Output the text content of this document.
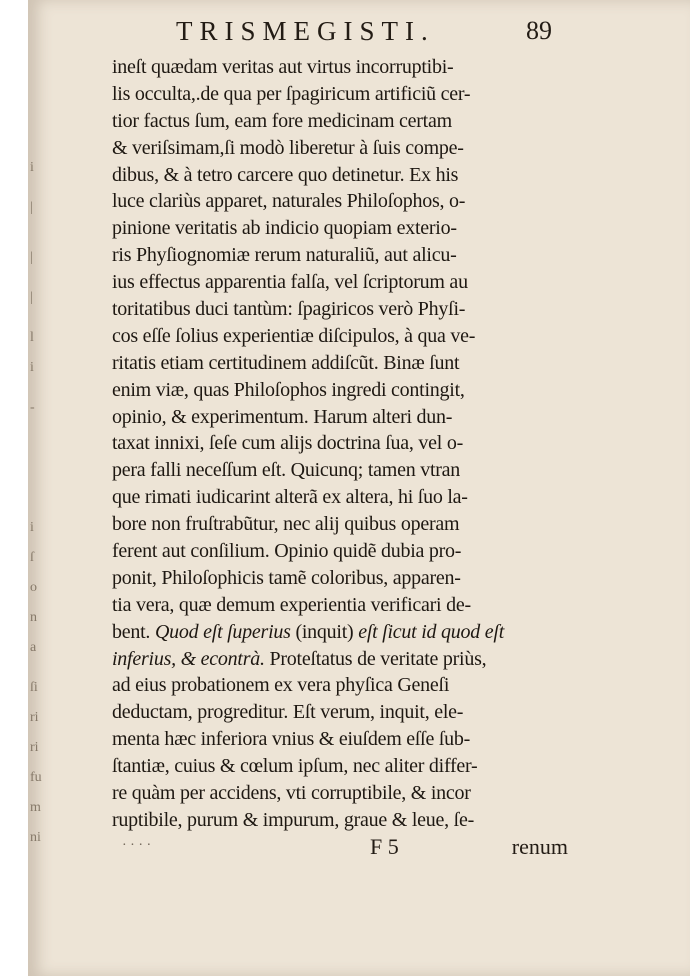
i
|
|
|
l
i
-
i
ſ
o
n
a
ſi
ri
ri
fu
m
ni
TRISMEGISTI.	89
ineſt quædam veritas aut virtus incorruptibi-
lis occulta,.de qua per ſpagiricum artificiũ cer-
tior factus ſum, eam fore medicinam certam
& veriſsimam,ſi modò liberetur à ſuis compe-
dibus, & à tetro carcere quo detinetur. Ex his
luce clariùs apparet, naturales Philoſophos, o-
pinione veritatis ab indicio quopiam exterio-
ris Phyſiognomiæ rerum naturaliũ, aut alicu-
ius effectus apparentia falſa, vel ſcriptorum au
toritatibus duci tantùm: ſpagiricos verò Phyſi-
cos eſſe ſolius experientiæ diſcipulos, à qua ve-
ritatis etiam certitudinem addiſcũt. Binæ ſunt
enim viæ, quas Philoſophos ingredi contingit,
opinio, & experimentum. Harum alteri dun-
taxat innixi, ſeſe cum alijs doctrina ſua, vel o-
pera falli neceſſum eſt. Quicunq; tamen vtran
que rimati iudicarint alterã ex altera, hi ſuo la-
bore non fruſtrabũtur, nec alij quibus operam
ferent aut conſilium. Opinio quidẽ dubia pro-
ponit, Philoſophicis tamẽ coloribus, apparen-
tia vera, quæ demum experientia verificari de-
bent. Quod eſt ſuperius (inquit) eſt ſicut id quod eſt
inferius, & econtrà. Proteſtatus de veritate priùs,
ad eius probationem ex vera phyſica Geneſi
deductam, progreditur. Eſt verum, inquit, ele-
menta hæc inferiora vnius & eiuſdem eſſe ſub-
ſtantiæ, cuius & cœlum ipſum, nec aliter differ-
re quàm per accidens, vti corruptibile, & incor
ruptibile, purum & impurum, graue & leue, ſe-
· · · ·	F 5	renum
